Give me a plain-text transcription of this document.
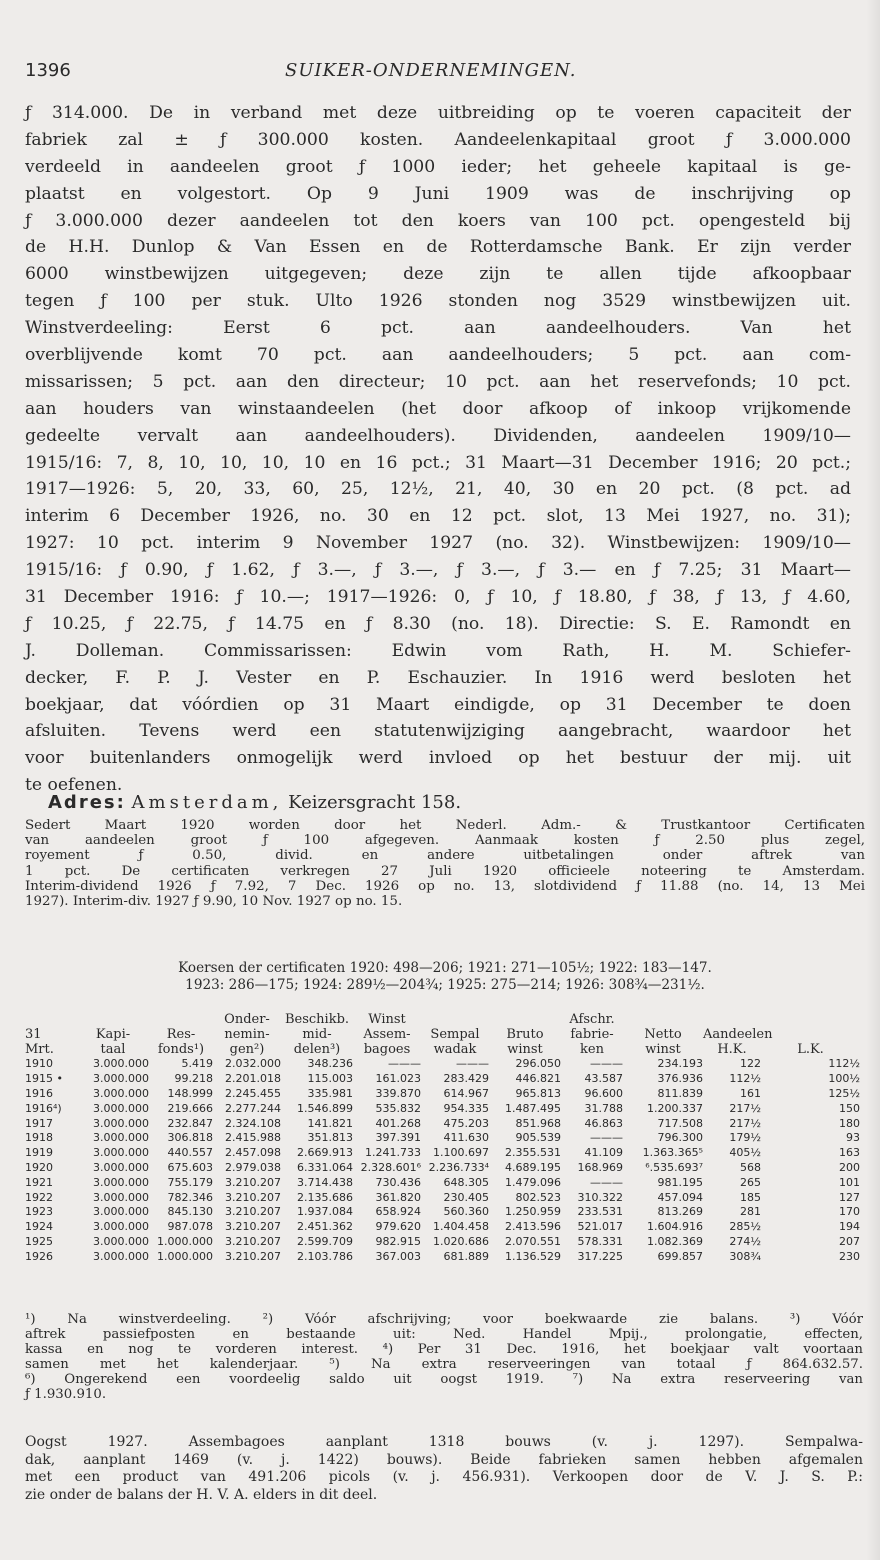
1396	SUIKER-ONDERNEMINGEN.
ƒ 314.000. De in verband met deze uitbreiding op te voeren capaciteit der
fabriek zal ± ƒ 300.000 kosten. Aandeelenkapitaal groot ƒ 3.000.000
verdeeld in aandeelen groot ƒ 1000 ieder; het geheele kapitaal is ge-
plaatst en volgestort. Op 9 Juni 1909 was de inschrijving op
ƒ 3.000.000 dezer aandeelen tot den koers van 100 pct. opengesteld bij
de H.H. Dunlop & Van Essen en de Rotterdamsche Bank. Er zijn verder
6000 winstbewijzen uitgegeven; deze zijn te allen tijde afkoopbaar
tegen ƒ 100 per stuk. Ulto 1926 stonden nog 3529 winstbewijzen uit.
Winstverdeeling: Eerst 6 pct. aan aandeelhouders. Van het
overblijvende komt 70 pct. aan aandeelhouders; 5 pct. aan com-
missarissen; 5 pct. aan den directeur; 10 pct. aan het reservefonds; 10 pct.
aan houders van winstaandeelen (het door afkoop of inkoop vrijkomende
gedeelte vervalt aan aandeelhouders). Dividenden, aandeelen 1909/10—
1915/16: 7, 8, 10, 10, 10, 10 en 16 pct.; 31 Maart—31 December 1916; 20 pct.;
1917—1926: 5, 20, 33, 60, 25, 12½, 21, 40, 30 en 20 pct. (8 pct. ad
interim 6 December 1926, no. 30 en 12 pct. slot, 13 Mei 1927, no. 31);
1927: 10 pct. interim 9 November 1927 (no. 32). Winstbewijzen: 1909/10—
1915/16: ƒ 0.90, ƒ 1.62, ƒ 3.—, ƒ 3.—, ƒ 3.—, ƒ 3.— en ƒ 7.25; 31 Maart—
31 December 1916: ƒ 10.—; 1917—1926: 0, ƒ 10, ƒ 18.80, ƒ 38, ƒ 13, ƒ 4.60,
ƒ 10.25, ƒ 22.75, ƒ 14.75 en ƒ 8.30 (no. 18). Directie: S. E. Ramondt en
J. Dolleman. Commissarissen: Edwin vom Rath, H. M. Schiefer-
decker, F. P. J. Vester en P. Eschauzier. In 1916 werd besloten het
boekjaar, dat vóórdien op 31 Maart eindigde, op 31 December te doen
afsluiten. Tevens werd een statutenwijziging aangebracht, waardoor het
voor buitenlanders onmogelijk werd invloed op het bestuur der mij. uit
te oefenen.
Adres: Amsterdam, Keizersgracht 158.
Sedert Maart 1920 worden door het Nederl. Adm.- & Trustkantoor Certificaten
van aandeelen groot ƒ 100 afgegeven. Aanmaak kosten ƒ 2.50 plus zegel,
royement ƒ 0.50, divid. en andere uitbetalingen onder aftrek van
1 pct. De certificaten verkregen 27 Juli 1920 officieele noteering te Amsterdam.
Interim-dividend 1926 ƒ 7.92, 7 Dec. 1926 op no. 13, slotdividend ƒ 11.88 (no. 14, 13 Mei
1927). Interim-div. 1927 ƒ 9.90, 10 Nov. 1927 op no. 15.
Koersen der certificaten 1920: 498—206; 1921: 271—105½; 1922: 183—147.
1923: 286—175; 1924: 289½—204¾; 1925: 275—214; 1926: 308¾—231½.
			Onder-	Beschikb.	Winst			Afschr.			
31	Kapi-	Res-	nemin-	mid-	Assem-	Sempal	Bruto	fabrie-	Netto	Aandeelen	
Mrt.	taal	fonds¹)	gen²)	delen³)	bagoes	wadak	winst	ken	winst	H.K.	L.K.
1910	3.000.000	5.419	2.032.000	348.236	———	———	296.050	———	234.193	122	112½
1915 •	3.000.000	99.218	2.201.018	115.003	161.023	283.429	446.821	43.587	376.936	112½	100½
1916	3.000.000	148.999	2.245.455	335.981	339.870	614.967	965.813	96.600	811.839	161	125½
1916⁴)	3.000.000	219.666	2.277.244	1.546.899	535.832	954.335	1.487.495	31.788	1.200.337	217½	150
1917	3.000.000	232.847	2.324.108	141.821	401.268	475.203	851.968	46.863	717.508	217½	180
1918	3.000.000	306.818	2.415.988	351.813	397.391	411.630	905.539	———	796.300	179½	93
1919	3.000.000	440.557	2.457.098	2.669.913	1.241.733	1.100.697	2.355.531	41.109	1.363.365⁵	405½	163
1920	3.000.000	675.603	2.979.038	6.331.064	2.328.601⁶	2.236.733⁴	4.689.195	168.969	⁶.535.693⁷	568	200
1921	3.000.000	755.179	3.210.207	3.714.438	730.436	648.305	1.479.096	———	981.195	265	101
1922	3.000.000	782.346	3.210.207	2.135.686	361.820	230.405	802.523	310.322	457.094	185	127
1923	3.000.000	845.130	3.210.207	1.937.084	658.924	560.360	1.250.959	233.531	813.269	281	170
1924	3.000.000	987.078	3.210.207	2.451.362	979.620	1.404.458	2.413.596	521.017	1.604.916	285½	194
1925	3.000.000	1.000.000	3.210.207	2.599.709	982.915	1.020.686	2.070.551	578.331	1.082.369	274½	207
1926	3.000.000	1.000.000	3.210.207	2.103.786	367.003	681.889	1.136.529	317.225	699.857	308¾	230
¹) Na winstverdeeling. ²) Vóór afschrijving; voor boekwaarde zie balans. ³) Vóór
aftrek passiefposten en bestaande uit: Ned. Handel Mpij., prolongatie, effecten,
kassa en nog te vorderen interest. ⁴) Per 31 Dec. 1916, het boekjaar valt voortaan
samen met het kalenderjaar. ⁵) Na extra reserveeringen van totaal ƒ 864.632.57.
⁶) Ongerekend een voordeelig saldo uit oogst 1919. ⁷) Na extra reserveering van
ƒ 1.930.910.
Oogst 1927. Assembagoes aanplant 1318 bouws (v. j. 1297). Sempalwa-
dak, aanplant 1469 (v. j. 1422) bouws). Beide fabrieken samen hebben afgemalen
met een product van 491.206 picols (v. j. 456.931). Verkoopen door de V. J. S. P.:
zie onder de balans der H. V. A. elders in dit deel.
